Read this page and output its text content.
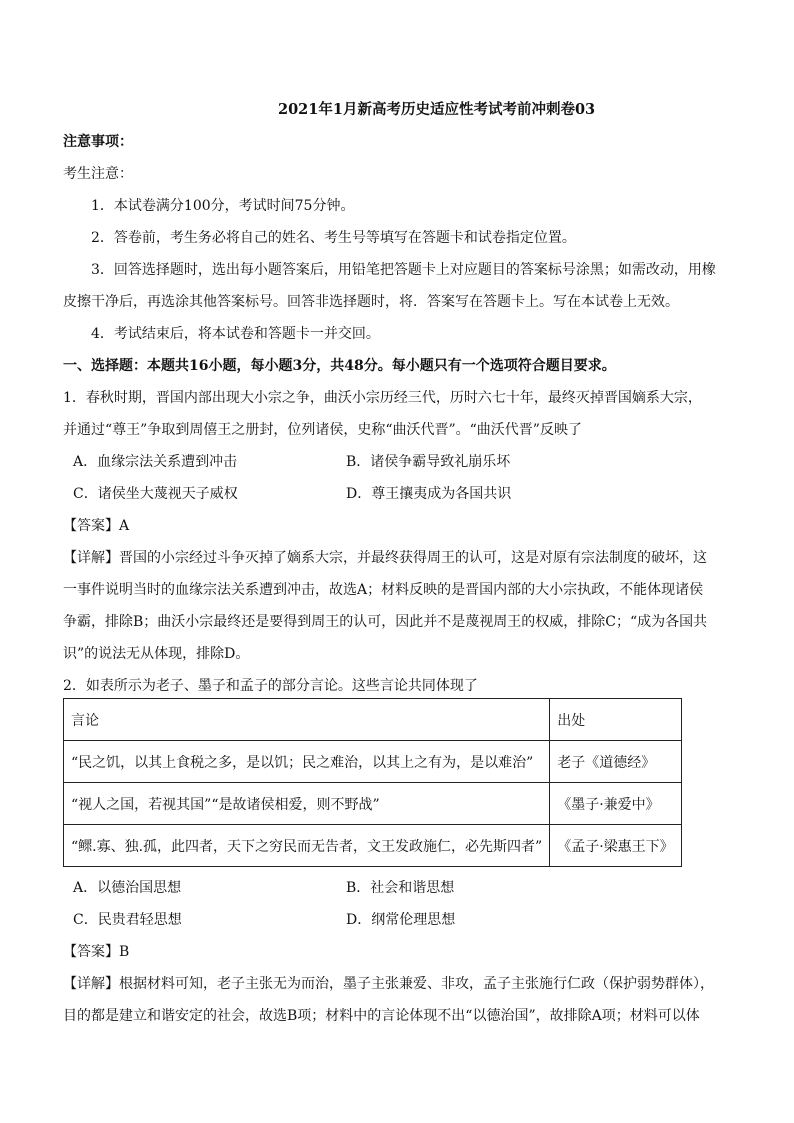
2021年1月新高考历史适应性考试考前冲刺卷03
注意事项：
考生注意：
1．本试卷满分100分，考试时间75分钟。
2．答卷前，考生务必将自己的姓名、考生号等填写在答题卡和试卷指定位置。
3．回答选择题时，选出每小题答案后，用铅笔把答题卡上对应题目的答案标号涂黑；如需改动，用橡
皮擦干净后，再选涂其他答案标号。回答非选择题时，将．答案写在答题卡上。写在本试卷上无效。
4．考试结束后，将本试卷和答题卡一并交回。
一、选择题：本题共16小题，每小题3分，共48分。每小题只有一个选项符合题目要求。
1．春秋时期，晋国内部出现大小宗之争，曲沃小宗历经三代，历时六七十年，最终灭掉晋国嫡系大宗，
并通过“尊王”争取到周僖王之册封，位列诸侯，史称“曲沃代晋”。“曲沃代晋”反映了
A．血缘宗法关系遭到冲击	B．诸侯争霸导致礼崩乐坏
C．诸侯坐大蔑视天子威权	D．尊王攘夷成为各国共识
【答案】A
【详解】晋国的小宗经过斗争灭掉了嫡系大宗，并最终获得周王的认可，这是对原有宗法制度的破坏，这
一事件说明当时的血缘宗法关系遭到冲击，故选A；材料反映的是晋国内部的大小宗执政，不能体现诸侯
争霸，排除B；曲沃小宗最终还是要得到周王的认可，因此并不是蔑视周王的权威，排除C；“成为各国共
识”的说法无从体现，排除D。
2．如表所示为老子、墨子和孟子的部分言论。这些言论共同体现了
言论	出处
“民之饥，以其上食税之多，是以饥；民之难治，以其上之有为，是以难治”	老子《道德经》
“视人之国，若视其国”“是故诸侯相爱，则不野战”	《墨子·兼爱中》
“鳏.寡、独.孤，此四者，天下之穷民而无告者，文王发政施仁，必先斯四者”	《孟子·梁惠王下》
A．以德治国思想	B．社会和谐思想
C．民贵君轻思想	D．纲常伦理思想
【答案】B
【详解】根据材料可知，老子主张无为而治，墨子主张兼爱、非攻，孟子主张施行仁政（保护弱势群体），
目的都是建立和谐安定的社会，故选B项；材料中的言论体现不出“以德治国”，故排除A项；材料可以体
